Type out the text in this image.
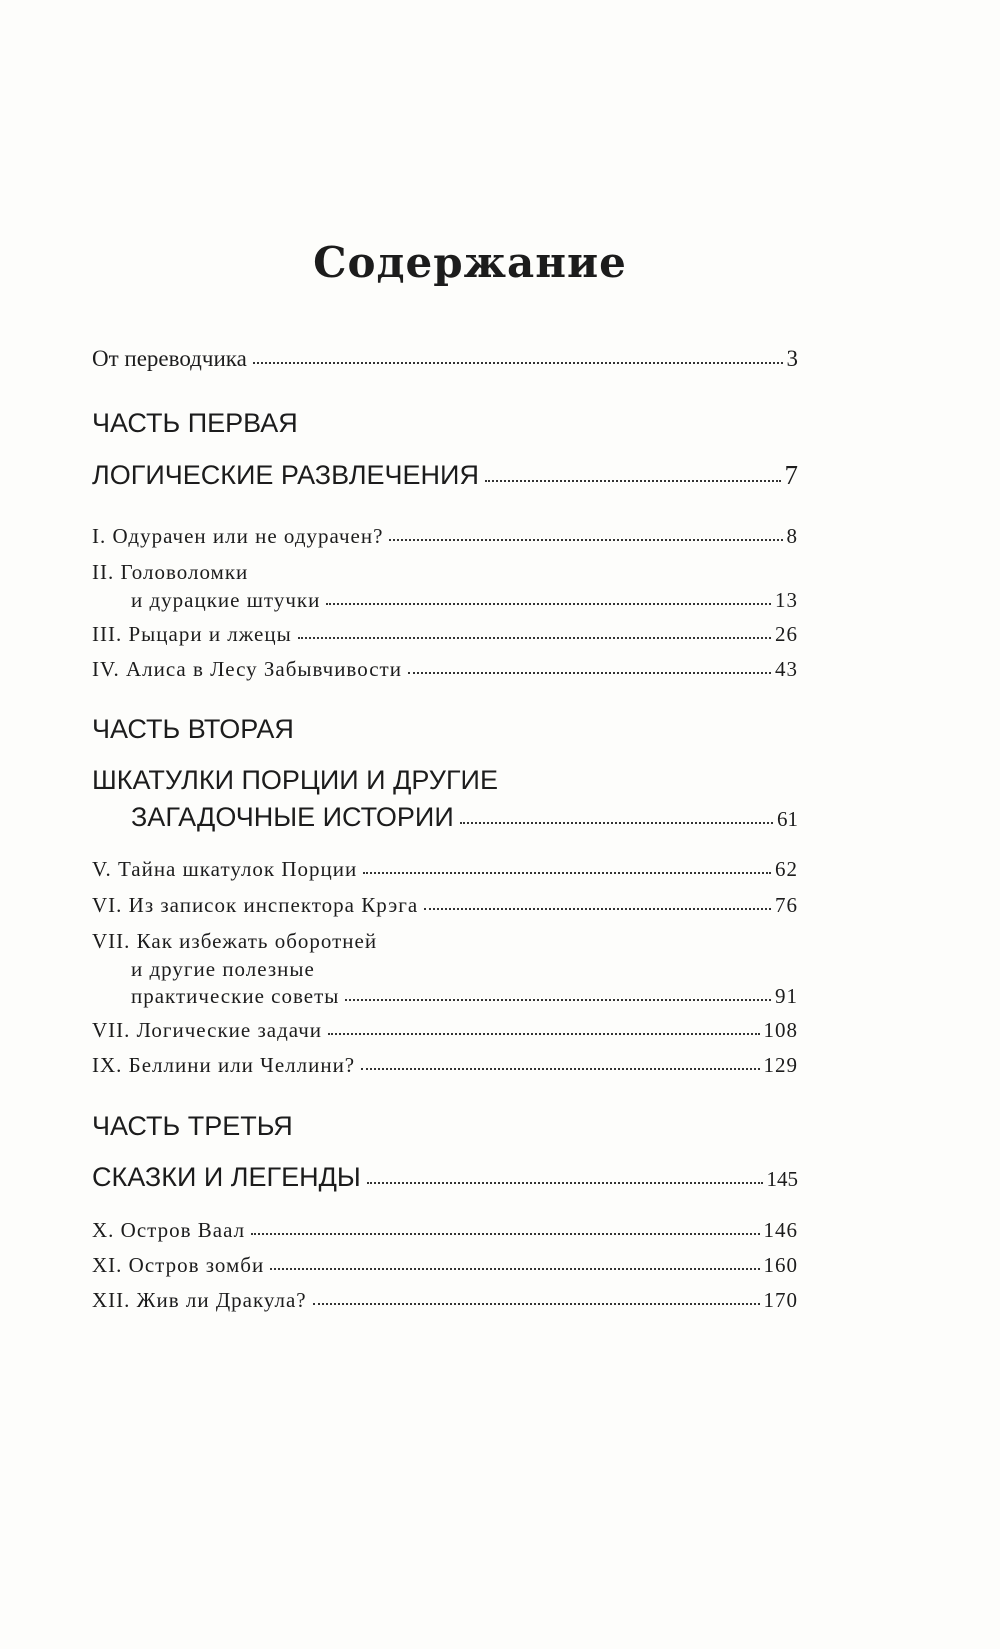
Содержание
От переводчика	3
ЧАСТЬ ПЕРВАЯ
ЛОГИЧЕСКИЕ РАЗВЛЕЧЕНИЯ	7
I. Одурачен или не одурачен?	8
II. Головоломки
и дурацкие штучки	13
III. Рыцари и лжецы	26
IV. Алиса в Лесу Забывчивости	43
ЧАСТЬ ВТОРАЯ
ШКАТУЛКИ ПОРЦИИ И ДРУГИЕ
ЗАГАДОЧНЫЕ ИСТОРИИ	61
V. Тайна шкатулок Порции	62
VI. Из записок инспектора Крэга	76
VII. Как избежать оборотней
и другие полезные
практические советы	91
VII. Логические задачи	108
IX. Беллини или Челлини?	129
ЧАСТЬ ТРЕТЬЯ
СКАЗКИ И ЛЕГЕНДЫ	145
X. Остров Ваал	146
XI. Остров зомби	160
XII. Жив ли Дракула?	170
